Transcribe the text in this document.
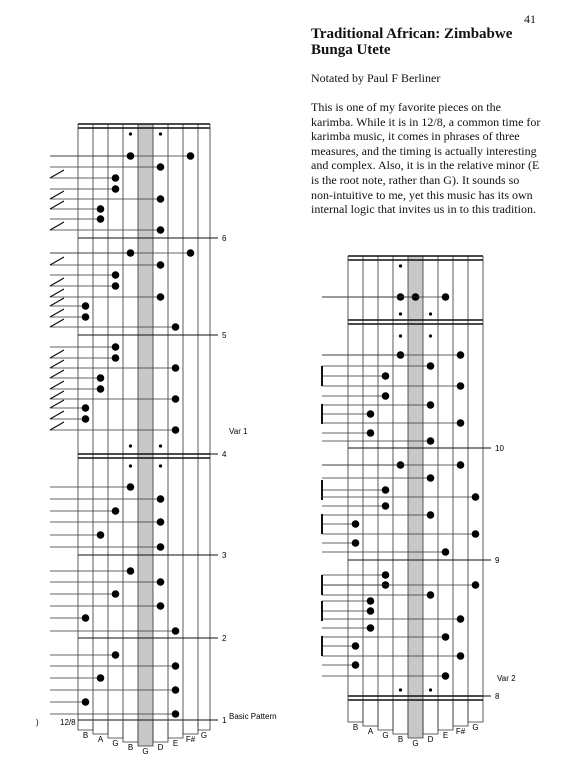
41
Traditional African: Zimbabwe Bunga Utete
Notated by Paul F Berliner
This is one of my favorite pieces on the karimba. While it is in 12/8, a common time for karimba music, it comes in phrases of three measures, and the timing is actually interesting and complex. Also, it is in the relative minor (E is the root note, rather than G). It sounds so non-intuitive to me, yet this music has its own internal logic that invites us in to this tradition.
B A G B G D E F# G
6
5
4
3
2
1
B A G B G D E F# G
10
9
8
Var 1
Basic Pattern
Var 2
12/8
)
